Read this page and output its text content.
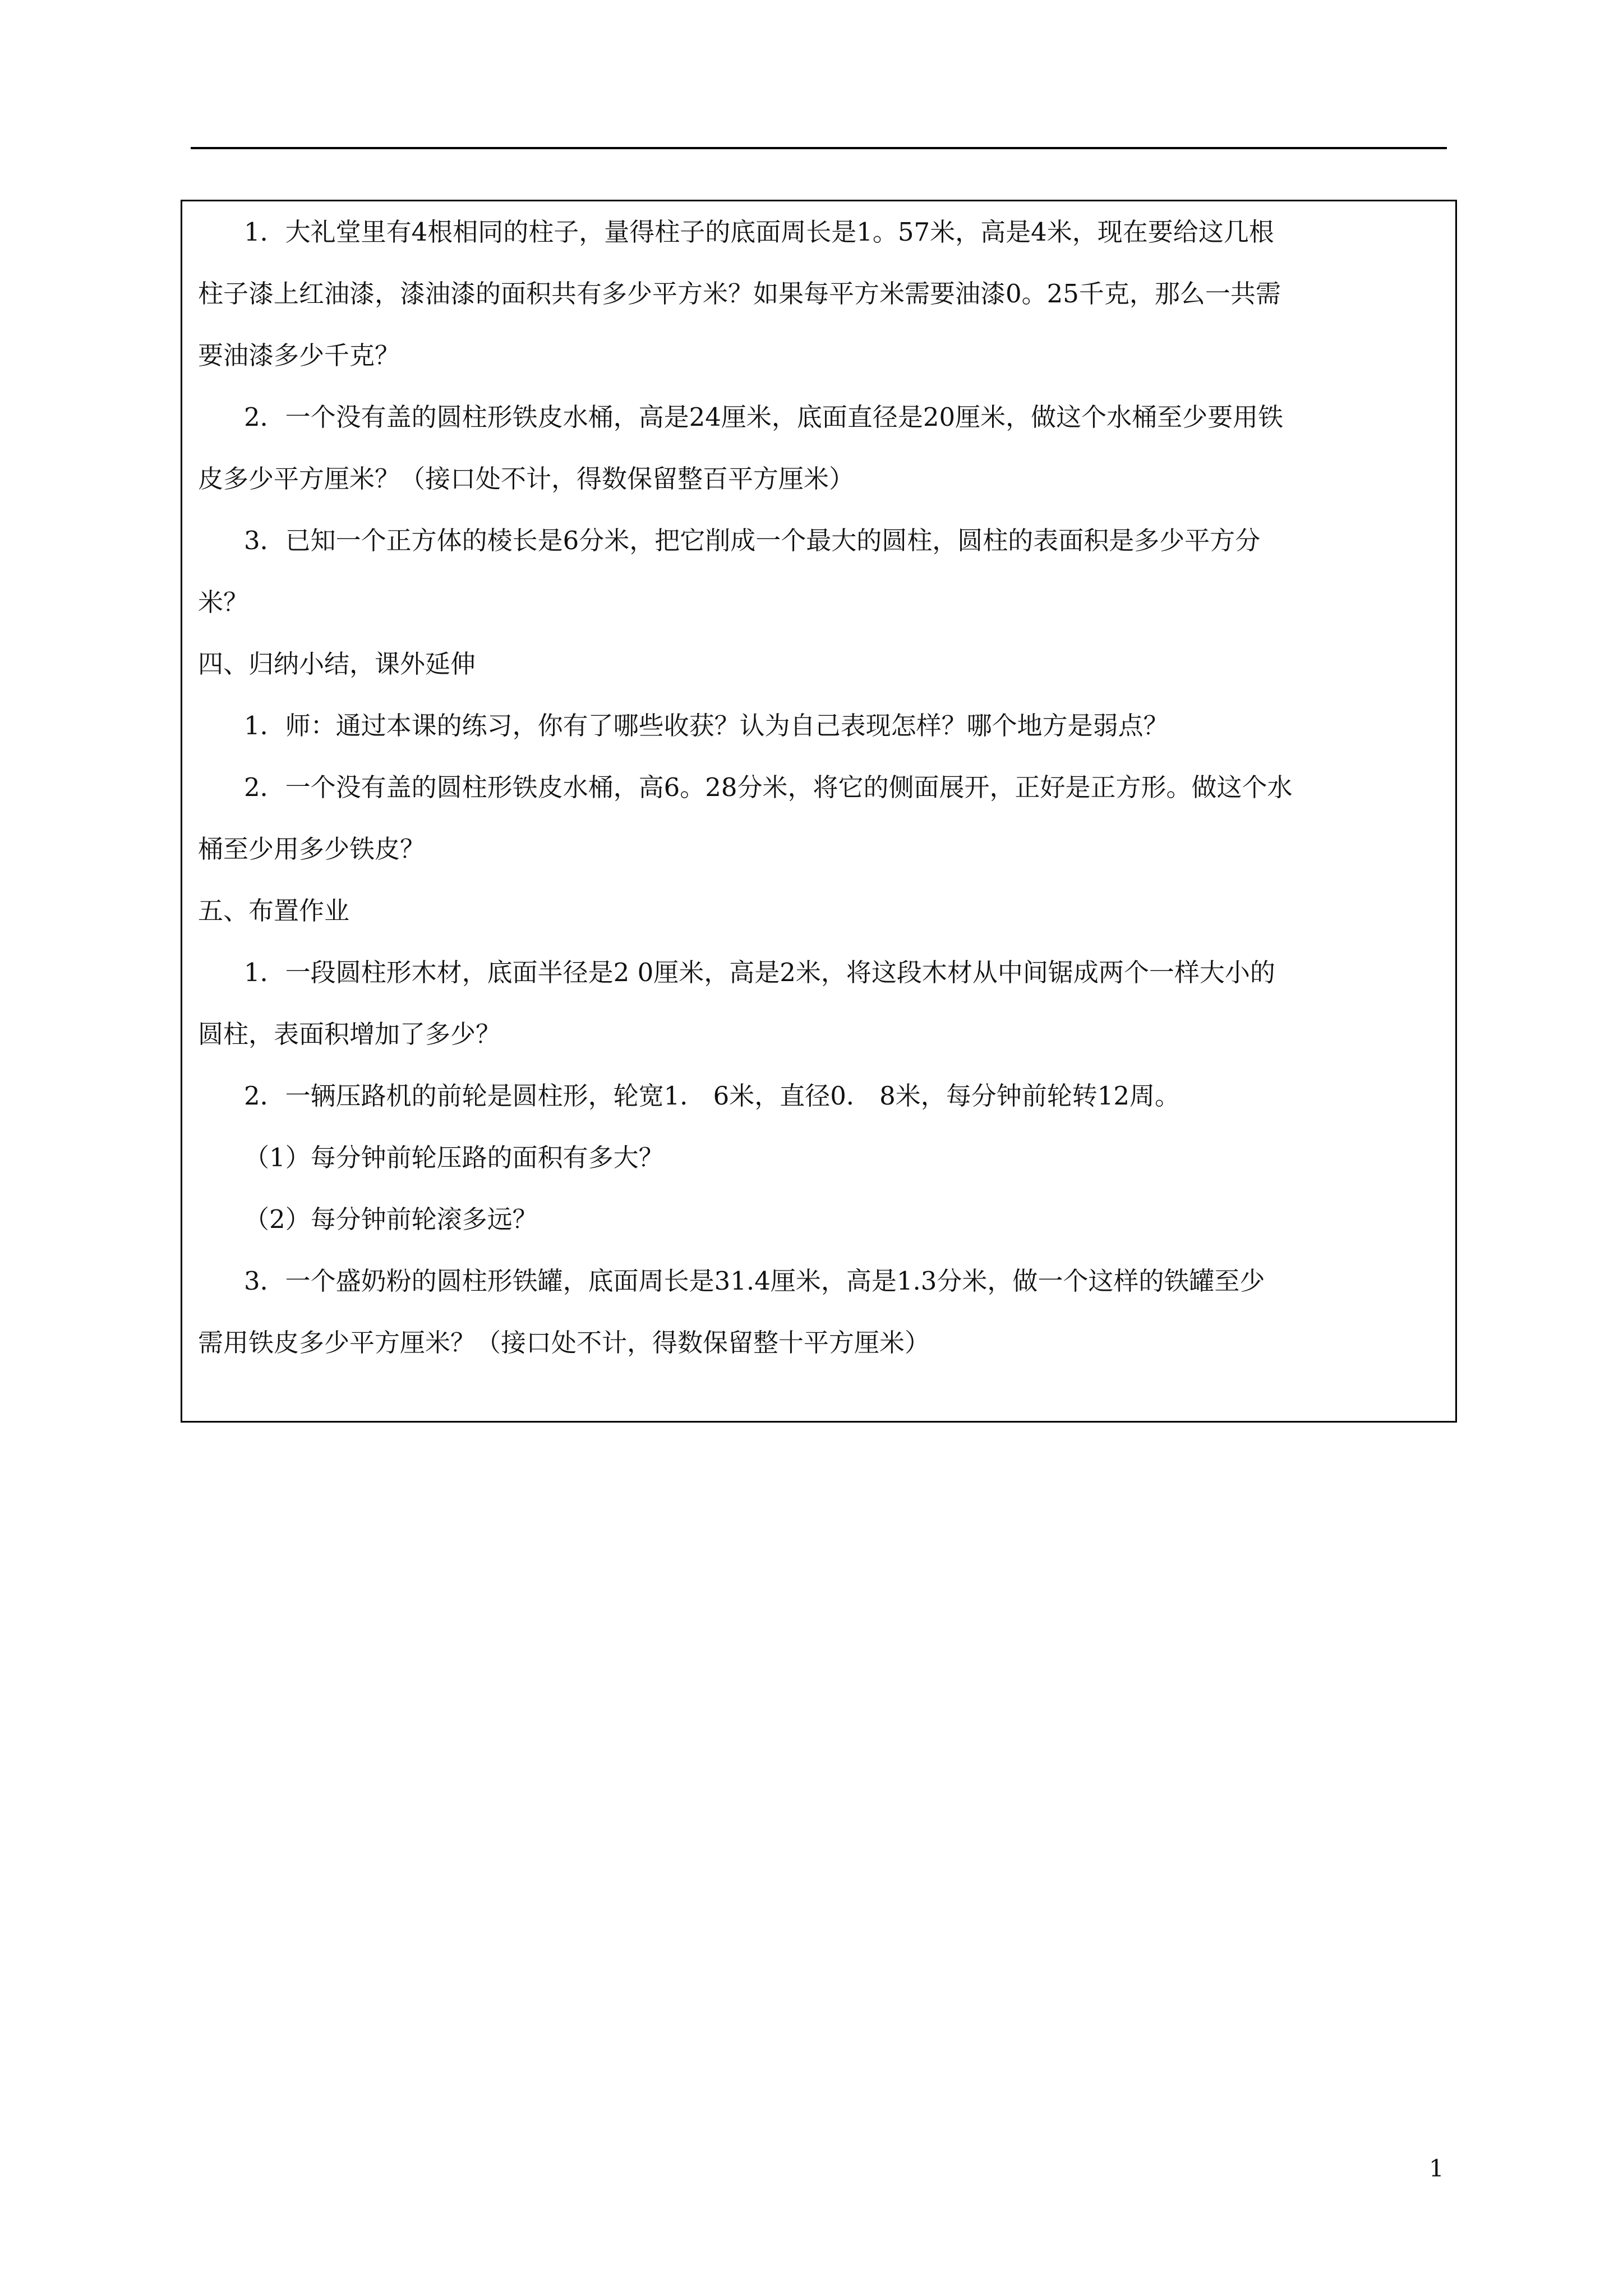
1．大礼堂里有4根相同的柱子，量得柱子的底面周长是1。57米，高是4米，现在要给这几根
柱子漆上红油漆，漆油漆的面积共有多少平方米？如果每平方米需要油漆0。25千克，那么一共需
要油漆多少千克？
2．一个没有盖的圆柱形铁皮水桶，高是24厘米，底面直径是20厘米，做这个水桶至少要用铁
皮多少平方厘米？（接口处不计，得数保留整百平方厘米）
3．已知一个正方体的棱长是6分米，把它削成一个最大的圆柱，圆柱的表面积是多少平方分
米？
四、归纳小结，课外延伸
1．师：通过本课的练习，你有了哪些收获？认为自己表现怎样？哪个地方是弱点？
2．一个没有盖的圆柱形铁皮水桶，高6。28分米，将它的侧面展开，正好是正方形。做这个水
桶至少用多少铁皮？
五、布置作业
1．一段圆柱形木材，底面半径是2 0厘米，高是2米，将这段木材从中间锯成两个一样大小的
圆柱，表面积增加了多少？
2．一辆压路机的前轮是圆柱形，轮宽1． 6米，直径0． 8米，每分钟前轮转12周。
（1）每分钟前轮压路的面积有多大？
（2）每分钟前轮滚多远？
3．一个盛奶粉的圆柱形铁罐，底面周长是31.4厘米，高是1.3分米，做一个这样的铁罐至少
需用铁皮多少平方厘米？（接口处不计，得数保留整十平方厘米）
1
